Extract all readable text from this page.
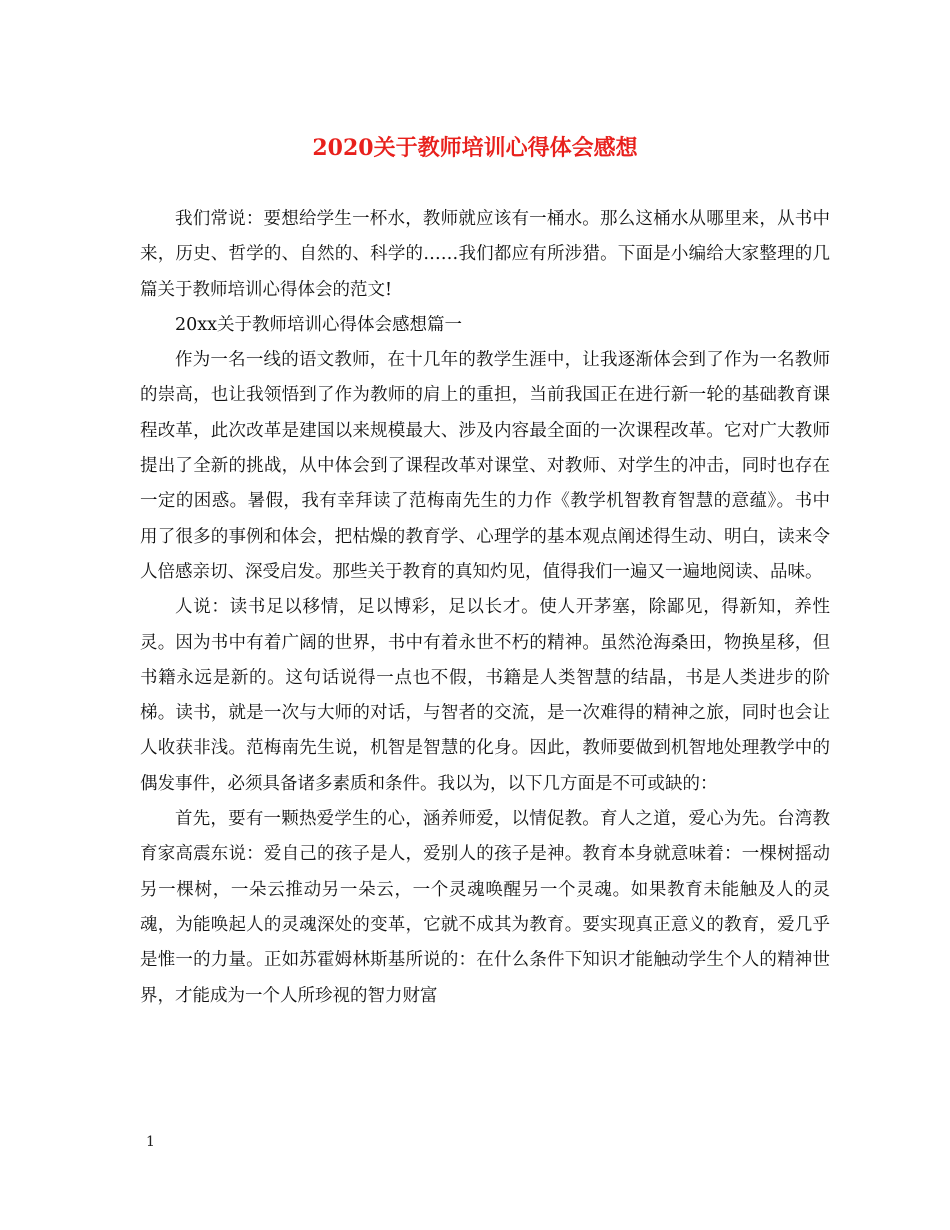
2020关于教师培训心得体会感想

我们常说：要想给学生一杯水，教师就应该有一桶水。那么这桶水从哪里来，从书中来，历史、哲学的、自然的、科学的……我们都应有所涉猎。下面是小编给大家整理的几篇关于教师培训心得体会的范文!

20xx关于教师培训心得体会感想篇一

作为一名一线的语文教师，在十几年的教学生涯中，让我逐渐体会到了作为一名教师的崇高，也让我领悟到了作为教师的肩上的重担，当前我国正在进行新一轮的基础教育课程改革，此次改革是建国以来规模最大、涉及内容最全面的一次课程改革。它对广大教师提出了全新的挑战，从中体会到了课程改革对课堂、对教师、对学生的冲击，同时也存在一定的困惑。暑假，我有幸拜读了范梅南先生的力作《教学机智教育智慧的意蕴》。书中用了很多的事例和体会，把枯燥的教育学、心理学的基本观点阐述得生动、明白，读来令人倍感亲切、深受启发。那些关于教育的真知灼见，值得我们一遍又一遍地阅读、品味。

人说：读书足以移情，足以博彩，足以长才。使人开茅塞，除鄙见，得新知，养性灵。因为书中有着广阔的世界，书中有着永世不朽的精神。虽然沧海桑田，物换星移，但书籍永远是新的。这句话说得一点也不假，书籍是人类智慧的结晶，书是人类进步的阶梯。读书，就是一次与大师的对话，与智者的交流，是一次难得的精神之旅，同时也会让人收获非浅。范梅南先生说，机智是智慧的化身。因此，教师要做到机智地处理教学中的偶发事件，必须具备诸多素质和条件。我以为，以下几方面是不可或缺的：

首先，要有一颗热爱学生的心，涵养师爱，以情促教。育人之道，爱心为先。台湾教育家高震东说：爱自己的孩子是人，爱别人的孩子是神。教育本身就意味着：一棵树摇动另一棵树，一朵云推动另一朵云，一个灵魂唤醒另一个灵魂。如果教育未能触及人的灵魂，为能唤起人的灵魂深处的变革，它就不成其为教育。要实现真正意义的教育，爱几乎是惟一的力量。正如苏霍姆林斯基所说的：在什么条件下知识才能触动学生个人的精神世界，才能成为一个人所珍视的智力财富

1
